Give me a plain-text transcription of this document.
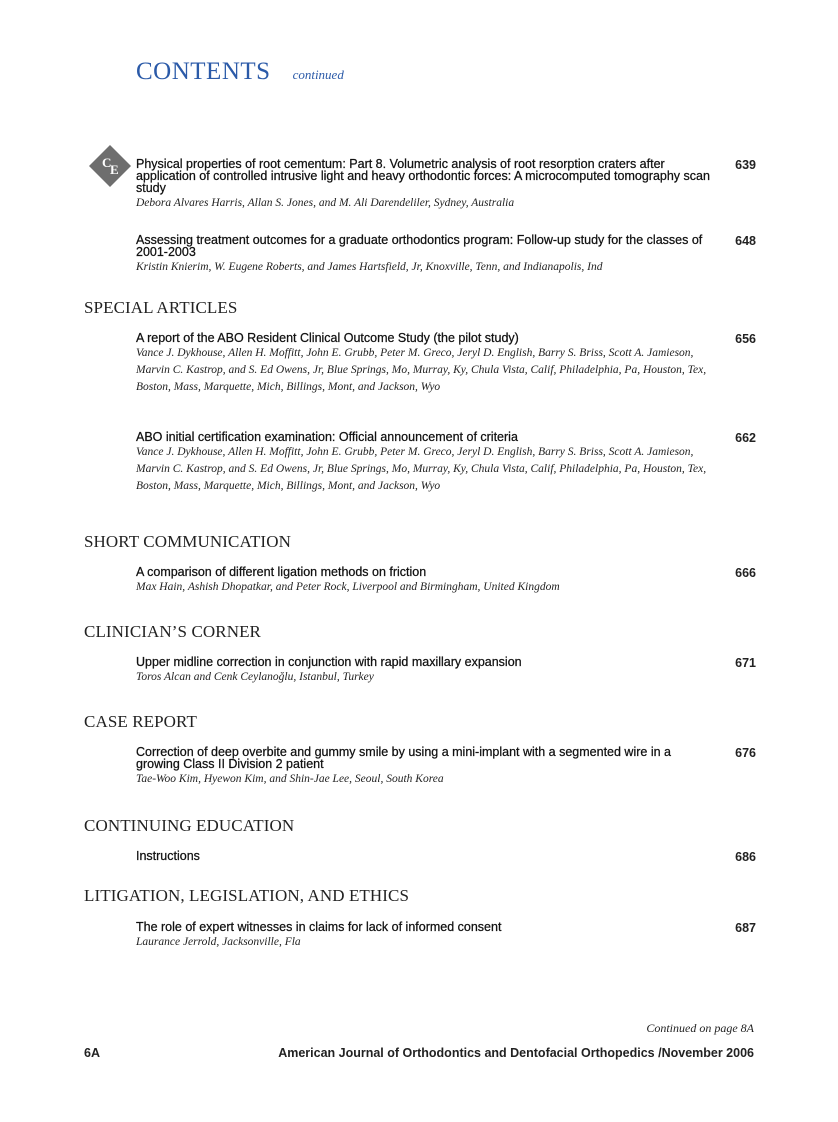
CONTENTS continued
C
E Physical properties of root cementum: Part 8. Volumetric analysis of root resorption craters after application of controlled intrusive light and heavy orthodontic forces: A microcomputed tomography scan study
Debora Alvares Harris, Allan S. Jones, and M. Ali Darendeliler, Sydney, Australia
639
Assessing treatment outcomes for a graduate orthodontics program: Follow-up study for the classes of 2001-2003
Kristin Knierim, W. Eugene Roberts, and James Hartsfield, Jr, Knoxville, Tenn, and Indianapolis, Ind
648
SPECIAL ARTICLES
A report of the ABO Resident Clinical Outcome Study (the pilot study)
Vance J. Dykhouse, Allen H. Moffitt, John E. Grubb, Peter M. Greco, Jeryl D. English, Barry S. Briss, Scott A. Jamieson, Marvin C. Kastrop, and S. Ed Owens, Jr, Blue Springs, Mo, Murray, Ky, Chula Vista, Calif, Philadelphia, Pa, Houston, Tex, Boston, Mass, Marquette, Mich, Billings, Mont, and Jackson, Wyo
656
ABO initial certification examination: Official announcement of criteria
Vance J. Dykhouse, Allen H. Moffitt, John E. Grubb, Peter M. Greco, Jeryl D. English, Barry S. Briss, Scott A. Jamieson, Marvin C. Kastrop, and S. Ed Owens, Jr, Blue Springs, Mo, Murray, Ky, Chula Vista, Calif, Philadelphia, Pa, Houston, Tex, Boston, Mass, Marquette, Mich, Billings, Mont, and Jackson, Wyo
662
SHORT COMMUNICATION
A comparison of different ligation methods on friction
Max Hain, Ashish Dhopatkar, and Peter Rock, Liverpool and Birmingham, United Kingdom
666
CLINICIAN’S CORNER
Upper midline correction in conjunction with rapid maxillary expansion
Toros Alcan and Cenk Ceylanoğlu, Istanbul, Turkey
671
CASE REPORT
Correction of deep overbite and gummy smile by using a mini-implant with a segmented wire in a growing Class II Division 2 patient
Tae-Woo Kim, Hyewon Kim, and Shin-Jae Lee, Seoul, South Korea
676
CONTINUING EDUCATION
Instructions	686
LITIGATION, LEGISLATION, AND ETHICS
The role of expert witnesses in claims for lack of informed consent
Laurance Jerrold, Jacksonville, Fla
687
Continued on page 8A
6A	American Journal of Orthodontics and Dentofacial Orthopedics /November 2006
